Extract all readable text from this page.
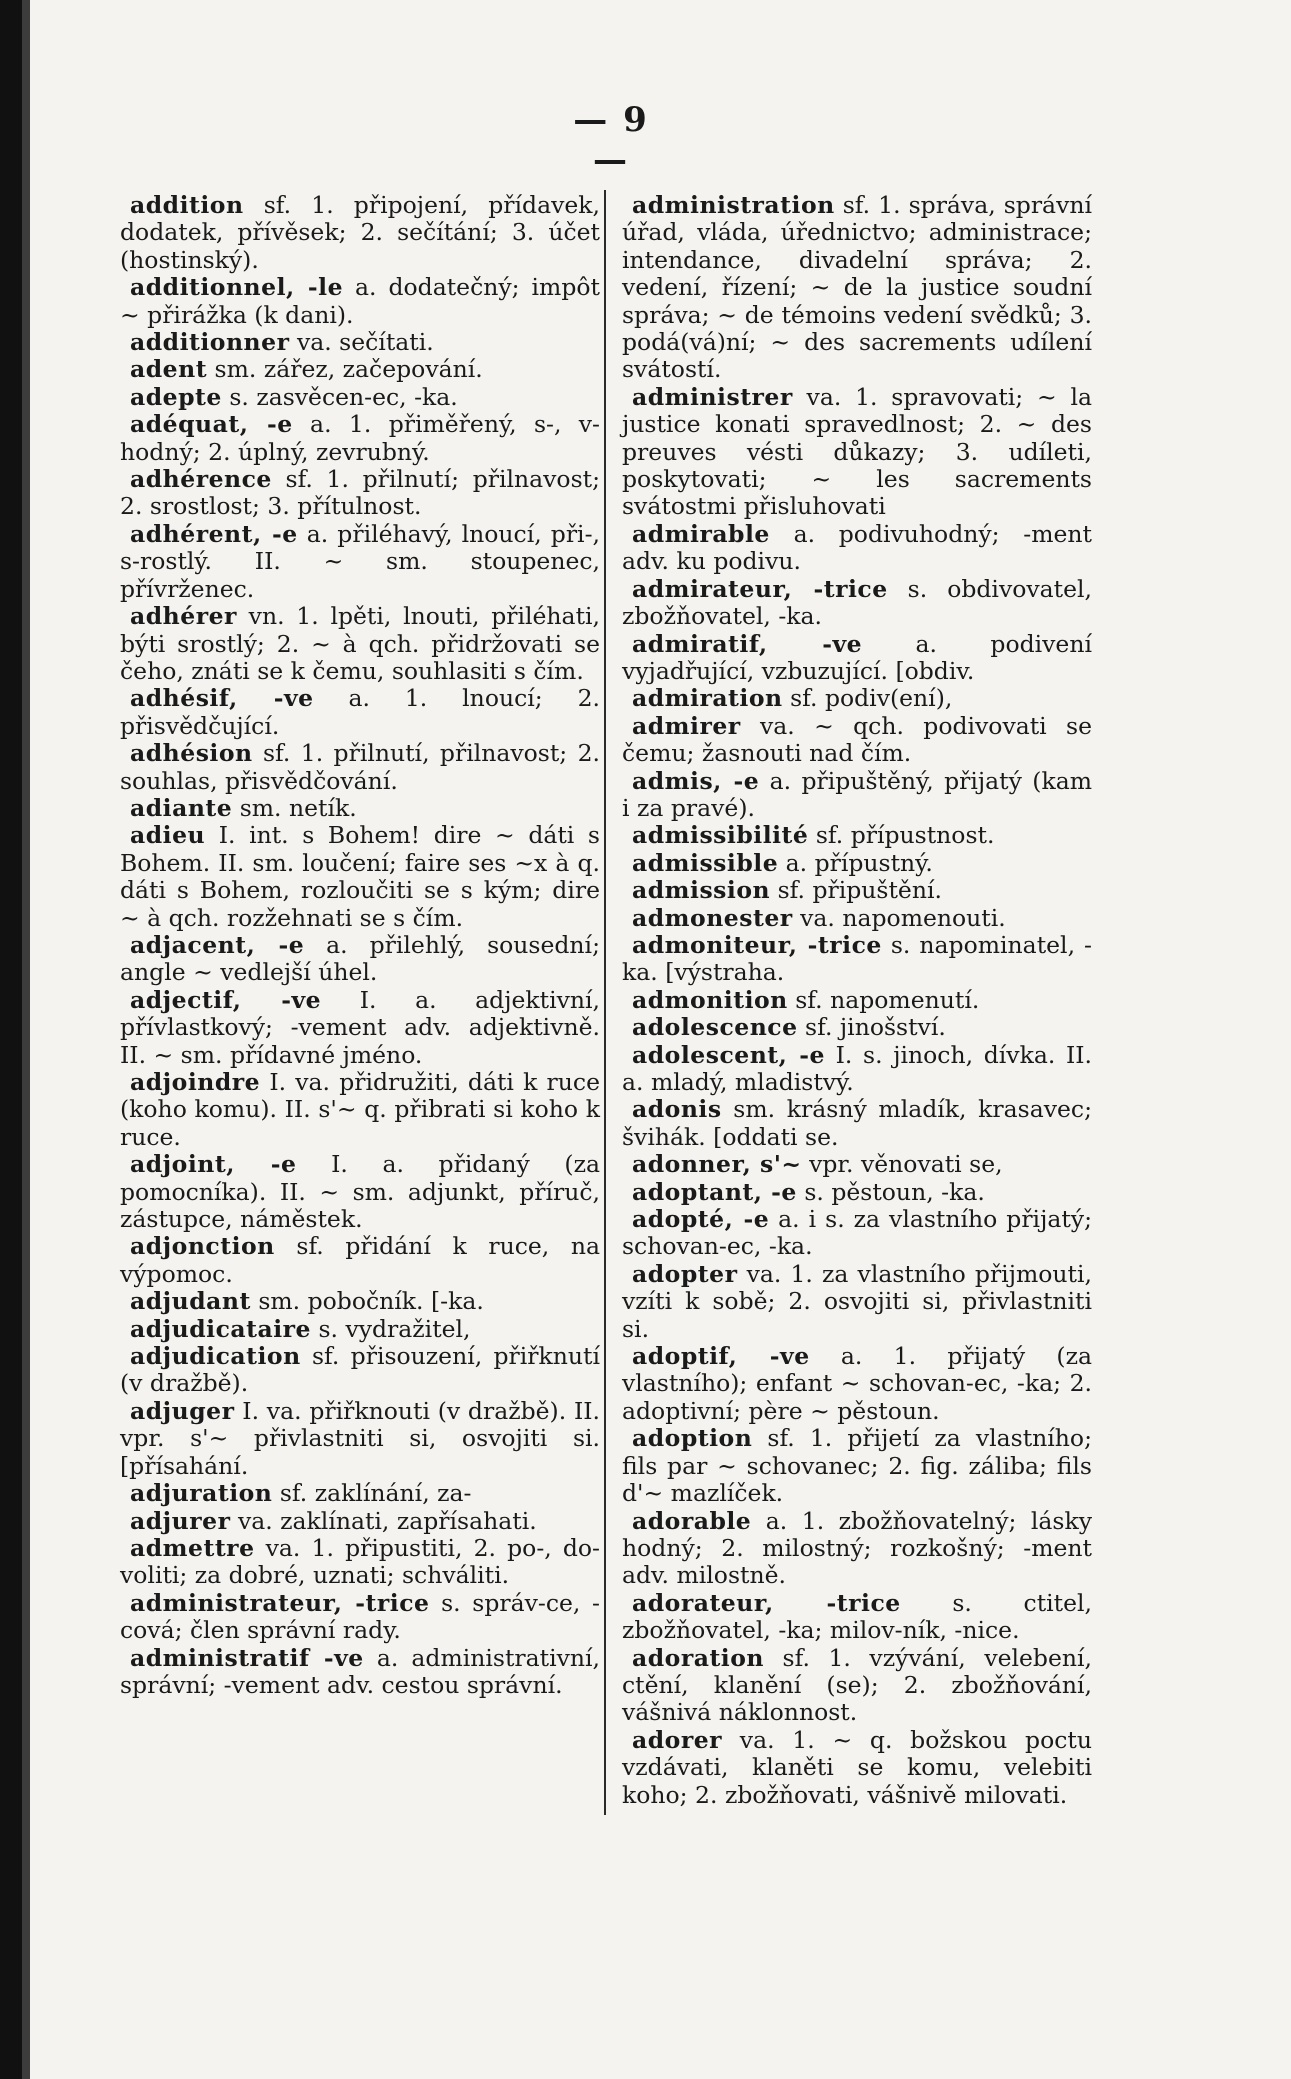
— 9 —
addition sf. 1. připojení, přídavek, dodatek, přívěsek; 2. sečítání; 3. účet (hostinský).
additionnel, -le a. dodatečný; impôt ~ přirážka (k dani).
additionner va. sečítati.
adent sm. zářez, začepování.
adepte s. zasvěcen-ec, -ka.
adéquat, -e a. 1. přiměřený, s-, v-hodný; 2. úplný, zevrubný.
adhérence sf. 1. přilnutí; přilnavost; 2. srostlost; 3. přítulnost.
adhérent, -e a. přiléhavý, lnoucí, při-, s-rostlý. II. ~ sm. stoupenec, přívrženec.
adhérer vn. 1. lpěti, lnouti, přiléhati, býti srostlý; 2. ~ à qch. přidržovati se čeho, znáti se k čemu, souhlasiti s čím.
adhésif, -ve a. 1. lnoucí; 2. přisvědčující.
adhésion sf. 1. přilnutí, přilnavost; 2. souhlas, přisvědčování.
adiante sm. netík.
adieu I. int. s Bohem! dire ~ dáti s Bohem. II. sm. loučení; faire ses ~x à q. dáti s Bohem, rozloučiti se s kým; dire ~ à qch. rozžehnati se s čím.
adjacent, -e a. přilehlý, sousední; angle ~ vedlejší úhel.
adjectif, -ve I. a. adjektivní, přívlastkový; -vement adv. adjektivně. II. ~ sm. přídavné jméno.
adjoindre I. va. přidružiti, dáti k ruce (koho komu). II. s'~ q. přibrati si koho k ruce.
adjoint, -e I. a. přidaný (za pomocníka). II. ~ sm. adjunkt, příruč, zástupce, náměstek.
adjonction sf. přidání k ruce, na výpomoc.
adjudant sm. pobočník. [-ka.
adjudicataire s. vydražitel,
adjudication sf. přisouzení, přiřknutí (v dražbě).
adjuger I. va. přiřknouti (v dražbě). II. vpr. s'~ přivlastniti si, osvojiti si. [přísahání.
adjuration sf. zaklínání, za-
adjurer va. zaklínati, zapřísahati.
admettre va. 1. připustiti, 2. po-, do-voliti; za dobré, uznati; schváliti.
administrateur, -trice s. správ-ce, -cová; člen správní rady.
administratif -ve a. administrativní, správní; -vement adv. cestou správní.
administration sf. 1. správa, správní úřad, vláda, úřednictvo; administrace; intendance, divadelní správa; 2. vedení, řízení; ~ de la justice soudní správa; ~ de témoins vedení svědků; 3. podá(vá)ní; ~ des sacrements udílení svátostí.
administrer va. 1. spravovati; ~ la justice konati spravedlnost; 2. ~ des preuves vésti důkazy; 3. udíleti, poskytovati; ~ les sacrements svátostmi přisluhovati
admirable a. podivuhodný; -ment adv. ku podivu.
admirateur, -trice s. obdivovatel, zbožňovatel, -ka.
admiratif, -ve a. podivení vyjadřující, vzbuzující. [obdiv.
admiration sf. podiv(ení),
admirer va. ~ qch. podivovati se čemu; žasnouti nad čím.
admis, -e a. připuštěný, přijatý (kam i za pravé).
admissibilité sf. přípustnost.
admissible a. přípustný.
admission sf. připuštění.
admonester va. napomenouti.
admoniteur, -trice s. napominatel, -ka. [výstraha.
admonition sf. napomenutí.
adolescence sf. jinošství.
adolescent, -e I. s. jinoch, dívka. II. a. mladý, mladistvý.
adonis sm. krásný mladík, krasavec; švihák. [oddati se.
adonner, s'~ vpr. věnovati se,
adoptant, -e s. pěstoun, -ka.
adopté, -e a. i s. za vlastního přijatý; schovan-ec, -ka.
adopter va. 1. za vlastního přijmouti, vzíti k sobě; 2. osvojiti si, přivlastniti si.
adoptif, -ve a. 1. přijatý (za vlastního); enfant ~ schovan-ec, -ka; 2. adoptivní; père ~ pěstoun.
adoption sf. 1. přijetí za vlastního; fils par ~ schovanec; 2. fig. záliba; fils d'~ mazlíček.
adorable a. 1. zbožňovatelný; lásky hodný; 2. milostný; rozkošný; -ment adv. milostně.
adorateur, -trice s. ctitel, zbožňovatel, -ka; milov-ník, -nice.
adoration sf. 1. vzývání, velebení, ctění, klanění (se); 2. zbožňování, vášnivá náklonnost.
adorer va. 1. ~ q. božskou poctu vzdávati, klaněti se komu, velebiti koho; 2. zbožňovati, vášnivě milovati.
